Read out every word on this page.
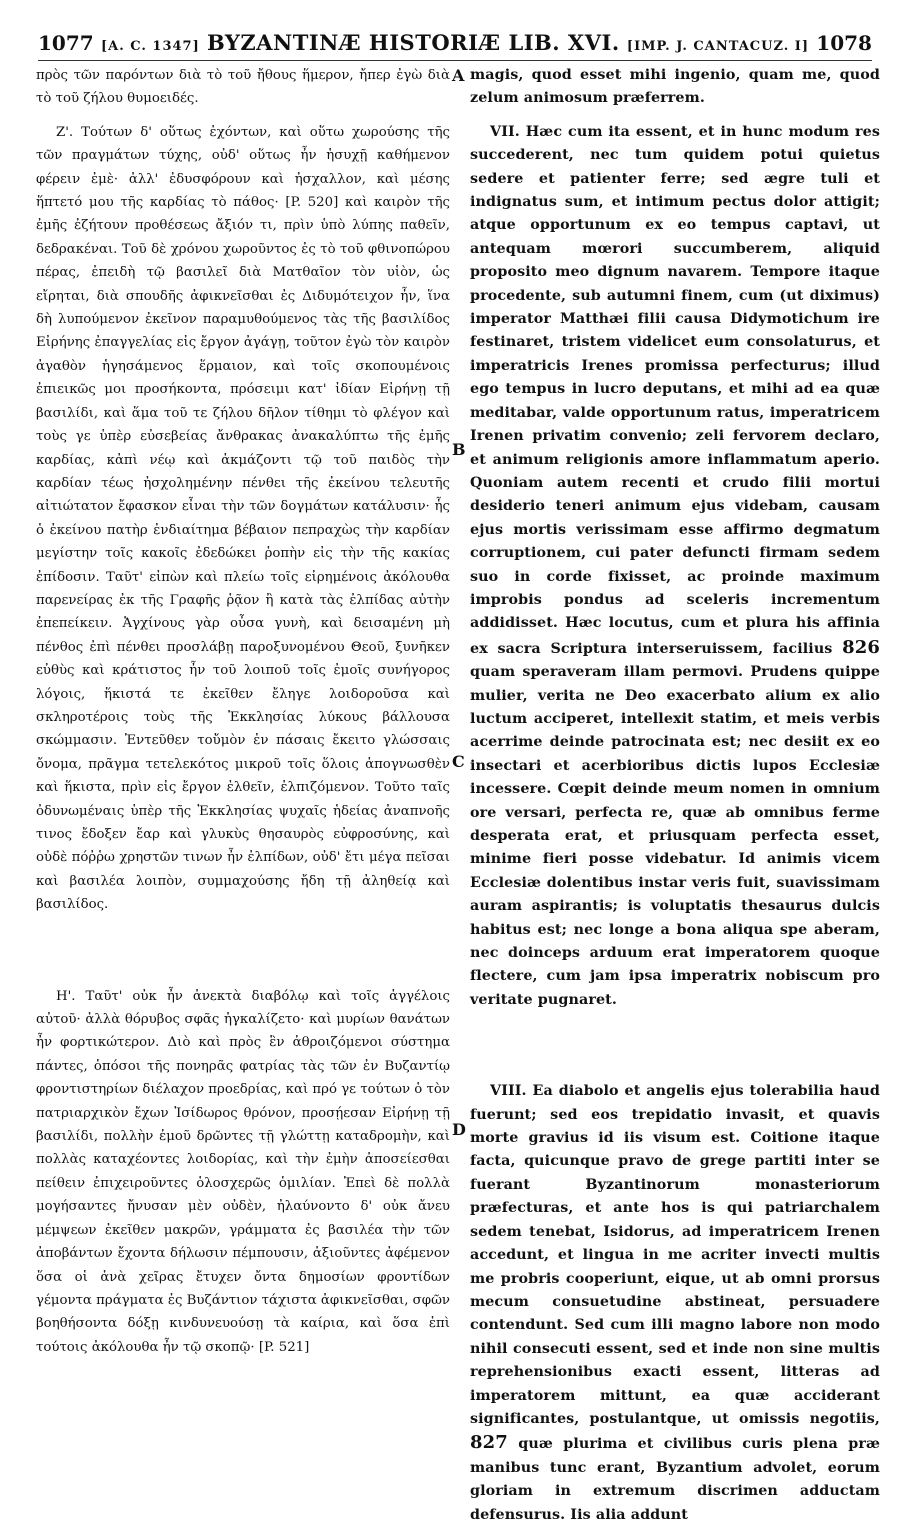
1077 [A. C. 1347] BYZANTINÆ HISTORIÆ LIB. XVI. [IMP. J. CANTACUZ. I] 1078

πρὸς τῶν παρόντων διὰ τὸ τοῦ ἤθους ἥμερον, ἤπερ ἐγὼ διὰ τὸ τοῦ ζήλου θυμοειδές.

Ζ'. Τούτων δ' οὕτως ἐχόντων, καὶ οὕτω χωρούσης τῆς τῶν πραγμάτων τύχης, οὐδ' οὕτως ἦν ἡσυχῇ καθήμενον φέρειν ἐμὲ· ἀλλ' ἐδυσφόρουν καὶ ἠσχαλλον, καὶ μέσης ἥπτετό μου τῆς καρδίας τὸ πάθος· [P. 520] καὶ καιρὸν τῆς ἐμῆς ἐζήτουν προθέσεως ἄξιόν τι, πρὶν ὑπὸ λύπης παθεῖν, δεδρακέναι. Τοῦ δὲ χρόνου χωροῦντος ἐς τὸ τοῦ φθινοπώρου πέρας, ἐπειδὴ τῷ βασιλεῖ διὰ Ματθαῖον τὸν υἱὸν, ὡς εἴρηται, διὰ σπουδῆς ἀφικνεῖσθαι ἐς Διδυμότειχον ἦν, ἵνα δὴ λυπούμενον ἐκεῖνον παραμυθούμενος τὰς τῆς βασιλίδος Εἰρήνης ἐπαγγελίας εἰς ἔργον ἀγάγῃ, τοῦτον ἐγὼ τὸν καιρὸν ἀγαθὸν ἡγησάμενος ἕρμαιον, καὶ τοῖς σκοπουμένοις ἐπιεικῶς μοι προσήκοντα, πρόσειμι κατ' ἰδίαν Εἰρήνῃ τῇ βασιλίδι, καὶ ἅμα τοῦ τε ζήλου δῆλον τίθημι τὸ φλέγον καὶ τοὺς γε ὑπὲρ εὐσεβείας ἄνθρακας ἀνακαλύπτω τῆς ἐμῆς καρδίας, κἀπὶ νέῳ καὶ ἀκμάζοντι τῷ τοῦ παιδὸς τὴν καρδίαν τέως ἠσχολημένην πένθει τῆς ἐκείνου τελευτῆς αἰτιώτατον ἔφασκον εἶναι τὴν τῶν δογμάτων κατάλυσιν· ἧς ὁ ἐκείνου πατὴρ ἐνδιαίτημα βέβαιον πεπραχὼς τὴν καρδίαν μεγίστην τοῖς κακοῖς ἐδεδώκει ῥοπὴν εἰς τὴν τῆς κακίας ἐπίδοσιν. Ταῦτ' εἰπὼν καὶ πλείω τοῖς εἰρημένοις ἀκόλουθα παρενείρας ἐκ τῆς Γραφῆς ῥᾷον ἢ κατὰ τὰς ἐλπίδας αὐτὴν ἐπεπείκειν. Ἀγχίνους γὰρ οὖσα γυνὴ, καὶ δεισαμένη μὴ πένθος ἐπὶ πένθει προσλάβῃ παροξυνομένου Θεοῦ, ξυνῆκεν εὐθὺς καὶ κράτιστος ἦν τοῦ λοιποῦ τοῖς ἐμοῖς συνήγορος λόγοις, ἥκιστά τε ἐκεῖθεν ἔληγε λοιδοροῦσα καὶ σκληροτέροις τοὺς τῆς Ἐκκλησίας λύκους βάλλουσα σκώμμασιν. Ἐντεῦθεν τοὔμὸν ἐν πάσαις ἔκειτο γλώσσαις ὄνομα, πρᾶγμα τετελεκότος μικροῦ τοῖς ὅλοις ἀπογνωσθὲν καὶ ἥκιστα, πρὶν εἰς ἔργον ἐλθεῖν, ἐλπιζόμενον. Τοῦτο ταῖς ὀδυνωμέναις ὑπὲρ τῆς Ἐκκλησίας ψυχαῖς ἡδείας ἀναπνοῆς τινος ἔδοξεν ἔαρ καὶ γλυκὺς θησαυρὸς εὐφροσύνης, καὶ οὐδὲ πόῤῥω χρηστῶν τινων ἦν ἐλπίδων, οὐδ' ἔτι μέγα πεῖσαι καὶ βασιλέα λοιπὸν, συμμαχούσης ἤδη τῇ ἀληθείᾳ καὶ βασιλίδος.

Η'. Ταῦτ' οὐκ ἦν ἀνεκτὰ διαβόλῳ καὶ τοῖς ἀγγέλοις αὐτοῦ· ἀλλὰ θόρυβος σφᾶς ἠγκαλίζετο· καὶ μυρίων θανάτων ἦν φορτικώτερον. Διὸ καὶ πρὸς ἓν ἀθροιζόμενοι σύστημα πάντες, ὁπόσοι τῆς πονηρᾶς φατρίας τὰς τῶν ἐν Βυζαντίῳ φροντιστηρίων διέλαχον προεδρίας, καὶ πρό γε τούτων ὁ τὸν πατριαρχικὸν ἔχων Ἰσίδωρος θρόνον, προσῄεσαν Εἰρήνῃ τῇ βασιλίδι, πολλὴν ἐμοῦ δρῶντες τῇ γλώττῃ καταδρομὴν, καὶ πολλὰς καταχέοντες λοιδορίας, καὶ τὴν ἐμὴν ἀποσείεσθαι πείθειν ἐπιχειροῦντες ὁλοσχερῶς ὁμιλίαν. Ἐπεὶ δὲ πολλὰ μογήσαντες ἤνυσαν μὲν οὐδὲν, ἠλαύνοντο δ' οὐκ ἄνευ μέμψεων ἐκεῖθεν μακρῶν, γράμματα ἐς βασιλέα τὴν τῶν ἀποβάντων ἔχοντα δήλωσιν πέμπουσιν, ἀξιοῦντες ἀφέμενον ὅσα οἱ ἀνὰ χεῖρας ἔτυχεν ὄντα δημοσίων φροντίδων γέμοντα πράγματα ἐς Βυζάντιον τάχιστα ἀφικνεῖσθαι, σφῶν βοηθήσοντα δόξῃ κινδυνευούσῃ τὰ καίρια, καὶ ὅσα ἐπὶ τούτοις ἀκόλουθα ἦν τῷ σκοπῷ· [P. 521]

magis, quod esset mihi ingenio, quam me, quod zelum animosum præferrem.

VII. Hæc cum ita essent, et in hunc modum res succederent, nec tum quidem potui quietus sedere et patienter ferre; sed ægre tuli et indignatus sum, et intimum pectus dolor attigit; atque opportunum ex eo tempus captavi, ut antequam mœrori succumberem, aliquid proposito meo dignum navarem. Tempore itaque procedente, sub autumni finem, cum (ut diximus) imperator Matthæi filii causa Didymotichum ire festinaret, tristem videlicet eum consolaturus, et imperatricis Irenes promissa perfecturus; illud ego tempus in lucro deputans, et mihi ad ea quæ meditabar, valde opportunum ratus, imperatricem Irenen privatim convenio; zeli fervorem declaro, et animum religionis amore inflammatum aperio. Quoniam autem recenti et crudo filii mortui desiderio teneri animum ejus videbam, causam ejus mortis verissimam esse affirmo degmatum corruptionem, cui pater defuncti firmam sedem suo in corde fixisset, ac proinde maximum improbis pondus ad sceleris incrementum addidisset. Hæc locutus, cum et plura his affinia ex sacra Scriptura interseruissem, facilius 826 quam speraveram illam permovi. Prudens quippe mulier, verita ne Deo exacerbato alium ex alio luctum acciperet, intellexit statim, et meis verbis acerrime deinde patrocinata est; nec desiit ex eo insectari et acerbioribus dictis lupos Ecclesiæ incessere. Cœpit deinde meum nomen in omnium ore versari, perfecta re, quæ ab omnibus ferme desperata erat, et priusquam perfecta esset, minime fieri posse videbatur. Id animis vicem Ecclesiæ dolentibus instar veris fuit, suavissimam auram aspirantis; is voluptatis thesaurus dulcis habitus est; nec longe a bona aliqua spe aberam, nec doinceps arduum erat imperatorem quoque flectere, cum jam ipsa imperatrix nobiscum pro veritate pugnaret.

VIII. Ea diabolo et angelis ejus tolerabilia haud fuerunt; sed eos trepidatio invasit, et quavis morte gravius id iis visum est. Coitione itaque facta, quicunque pravo de grege partiti inter se fuerant Byzantinorum monasteriorum præfecturas, et ante hos is qui patriarchalem sedem tenebat, Isidorus, ad imperatricem Irenen accedunt, et lingua in me acriter invecti multis me probris cooperiunt, eique, ut ab omni prorsus mecum consuetudine abstineat, persuadere contendunt. Sed cum illi magno labore non modo nihil consecuti essent, sed et inde non sine multis reprehensionibus exacti essent, litteras ad imperatorem mittunt, ea quæ acciderant significantes, postulantque, ut omissis negotiis, 827 quæ plurima et civilibus curis plena præ manibus tunc erant, Byzantium advolet, eorum gloriam in extremum discrimen adductam defensurus. Iis alia addunt

A
B
C
D
